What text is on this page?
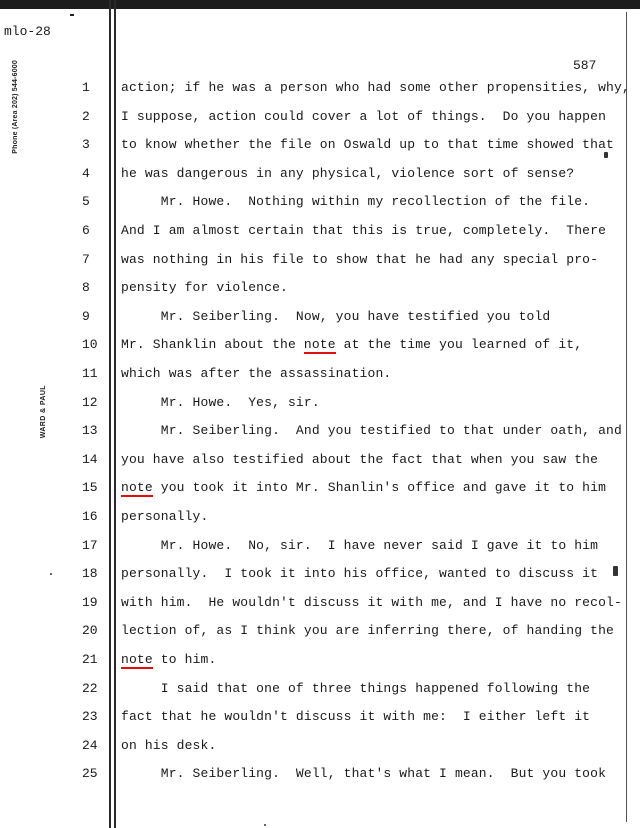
mlo-28
Phone (Area 202) 544-6000
WARD & PAUL
587
1
2
3
4
5
6
7
8
9
10
11
12
13
14
15
16
17
18
19
20
21
22
23
24
25
action; if he was a person who had some other propensities, why,
I suppose, action could cover a lot of things.  Do you happen
to know whether the file on Oswald up to that time showed that
he was dangerous in any physical, violence sort of sense?
Mr. Howe.  Nothing within my recollection of the file.
And I am almost certain that this is true, completely.  There
was nothing in his file to show that he had any special pro-
pensity for violence.
Mr. Seiberling.  Now, you have testified you told
Mr. Shanklin about the note at the time you learned of it,
which was after the assassination.
Mr. Howe.  Yes, sir.
Mr. Seiberling.  And you testified to that under oath, and
you have also testified about the fact that when you saw the
note you took it into Mr. Shanlin's office and gave it to him
personally.
Mr. Howe.  No, sir.  I have never said I gave it to him
personally.  I took it into his office, wanted to discuss it
with him.  He wouldn't discuss it with me, and I have no recol-
lection of, as I think you are inferring there, of handing the
note to him.
I said that one of three things happened following the
fact that he wouldn't discuss it with me:  I either left it
on his desk.
Mr. Seiberling.  Well, that's what I mean.  But you took
